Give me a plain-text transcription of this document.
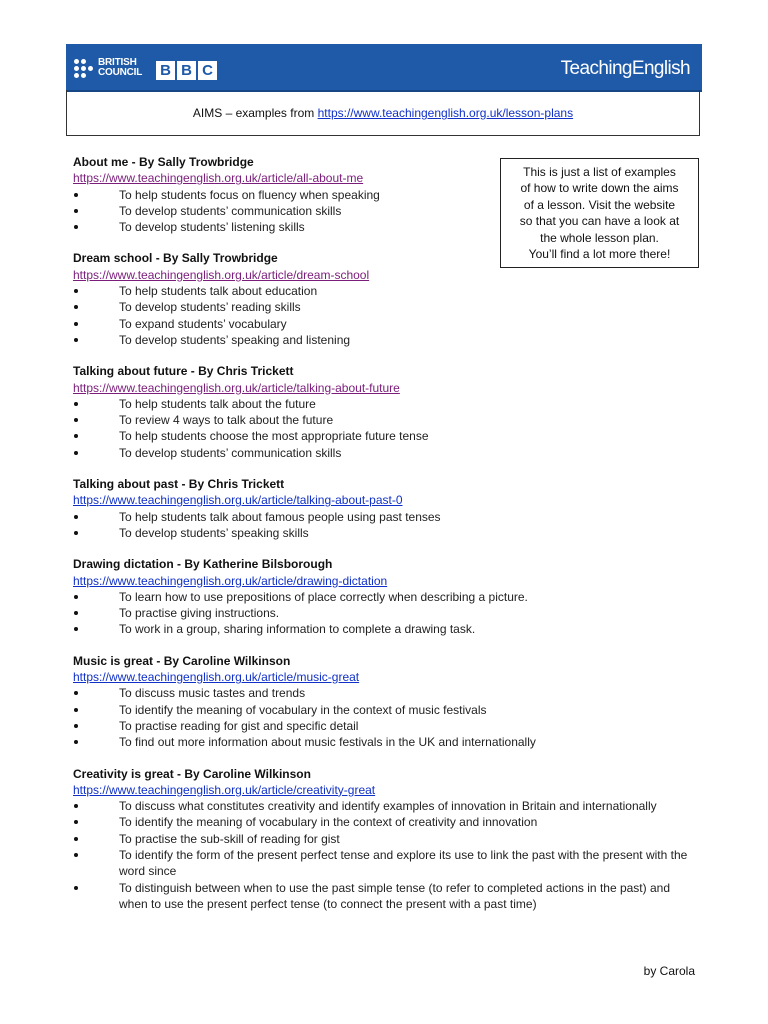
BRITISH
COUNCIL B B C	TeachingEnglish
AIMS – examples from https://www.teachingenglish.org.uk/lesson-plans
This is just a list of examples
of how to write down the aims
of a lesson. Visit the website
so that you can have a look at
the whole lesson plan.
You’ll find a lot more there!
About me - By Sally Trowbridge
https://www.teachingenglish.org.uk/article/all-about-me
To help students focus on fluency when speaking
To develop students’ communication skills
To develop students’ listening skills
Dream school - By Sally Trowbridge
https://www.teachingenglish.org.uk/article/dream-school
To help students talk about education
To develop students’ reading skills
To expand students’ vocabulary
To develop students’ speaking and listening
Talking about future - By Chris Trickett
https://www.teachingenglish.org.uk/article/talking-about-future
To help students talk about the future
To review 4 ways to talk about the future
To help students choose the most appropriate future tense
To develop students’ communication skills
Talking about past - By Chris Trickett
https://www.teachingenglish.org.uk/article/talking-about-past-0
To help students talk about famous people using past tenses
To develop students’ speaking skills
Drawing dictation - By Katherine Bilsborough
https://www.teachingenglish.org.uk/article/drawing-dictation
To learn how to use prepositions of place correctly when describing a picture.
To practise giving instructions.
To work in a group, sharing information to complete a drawing task.
Music is great - By Caroline Wilkinson
https://www.teachingenglish.org.uk/article/music-great
To discuss music tastes and trends
To identify the meaning of vocabulary in the context of music festivals
To practise reading for gist and specific detail
To find out more information about music festivals in the UK and internationally
Creativity is great - By Caroline Wilkinson
https://www.teachingenglish.org.uk/article/creativity-great
To discuss what constitutes creativity and identify examples of innovation in Britain and internationally
To identify the meaning of vocabulary in the context of creativity and innovation
To practise the sub-skill of reading for gist
To identify the form of the present perfect tense and explore its use to link the past with the present with the word since
To distinguish between when to use the past simple tense (to refer to completed actions in the past) and when to use the present perfect tense (to connect the present with a past time)
by Carola
